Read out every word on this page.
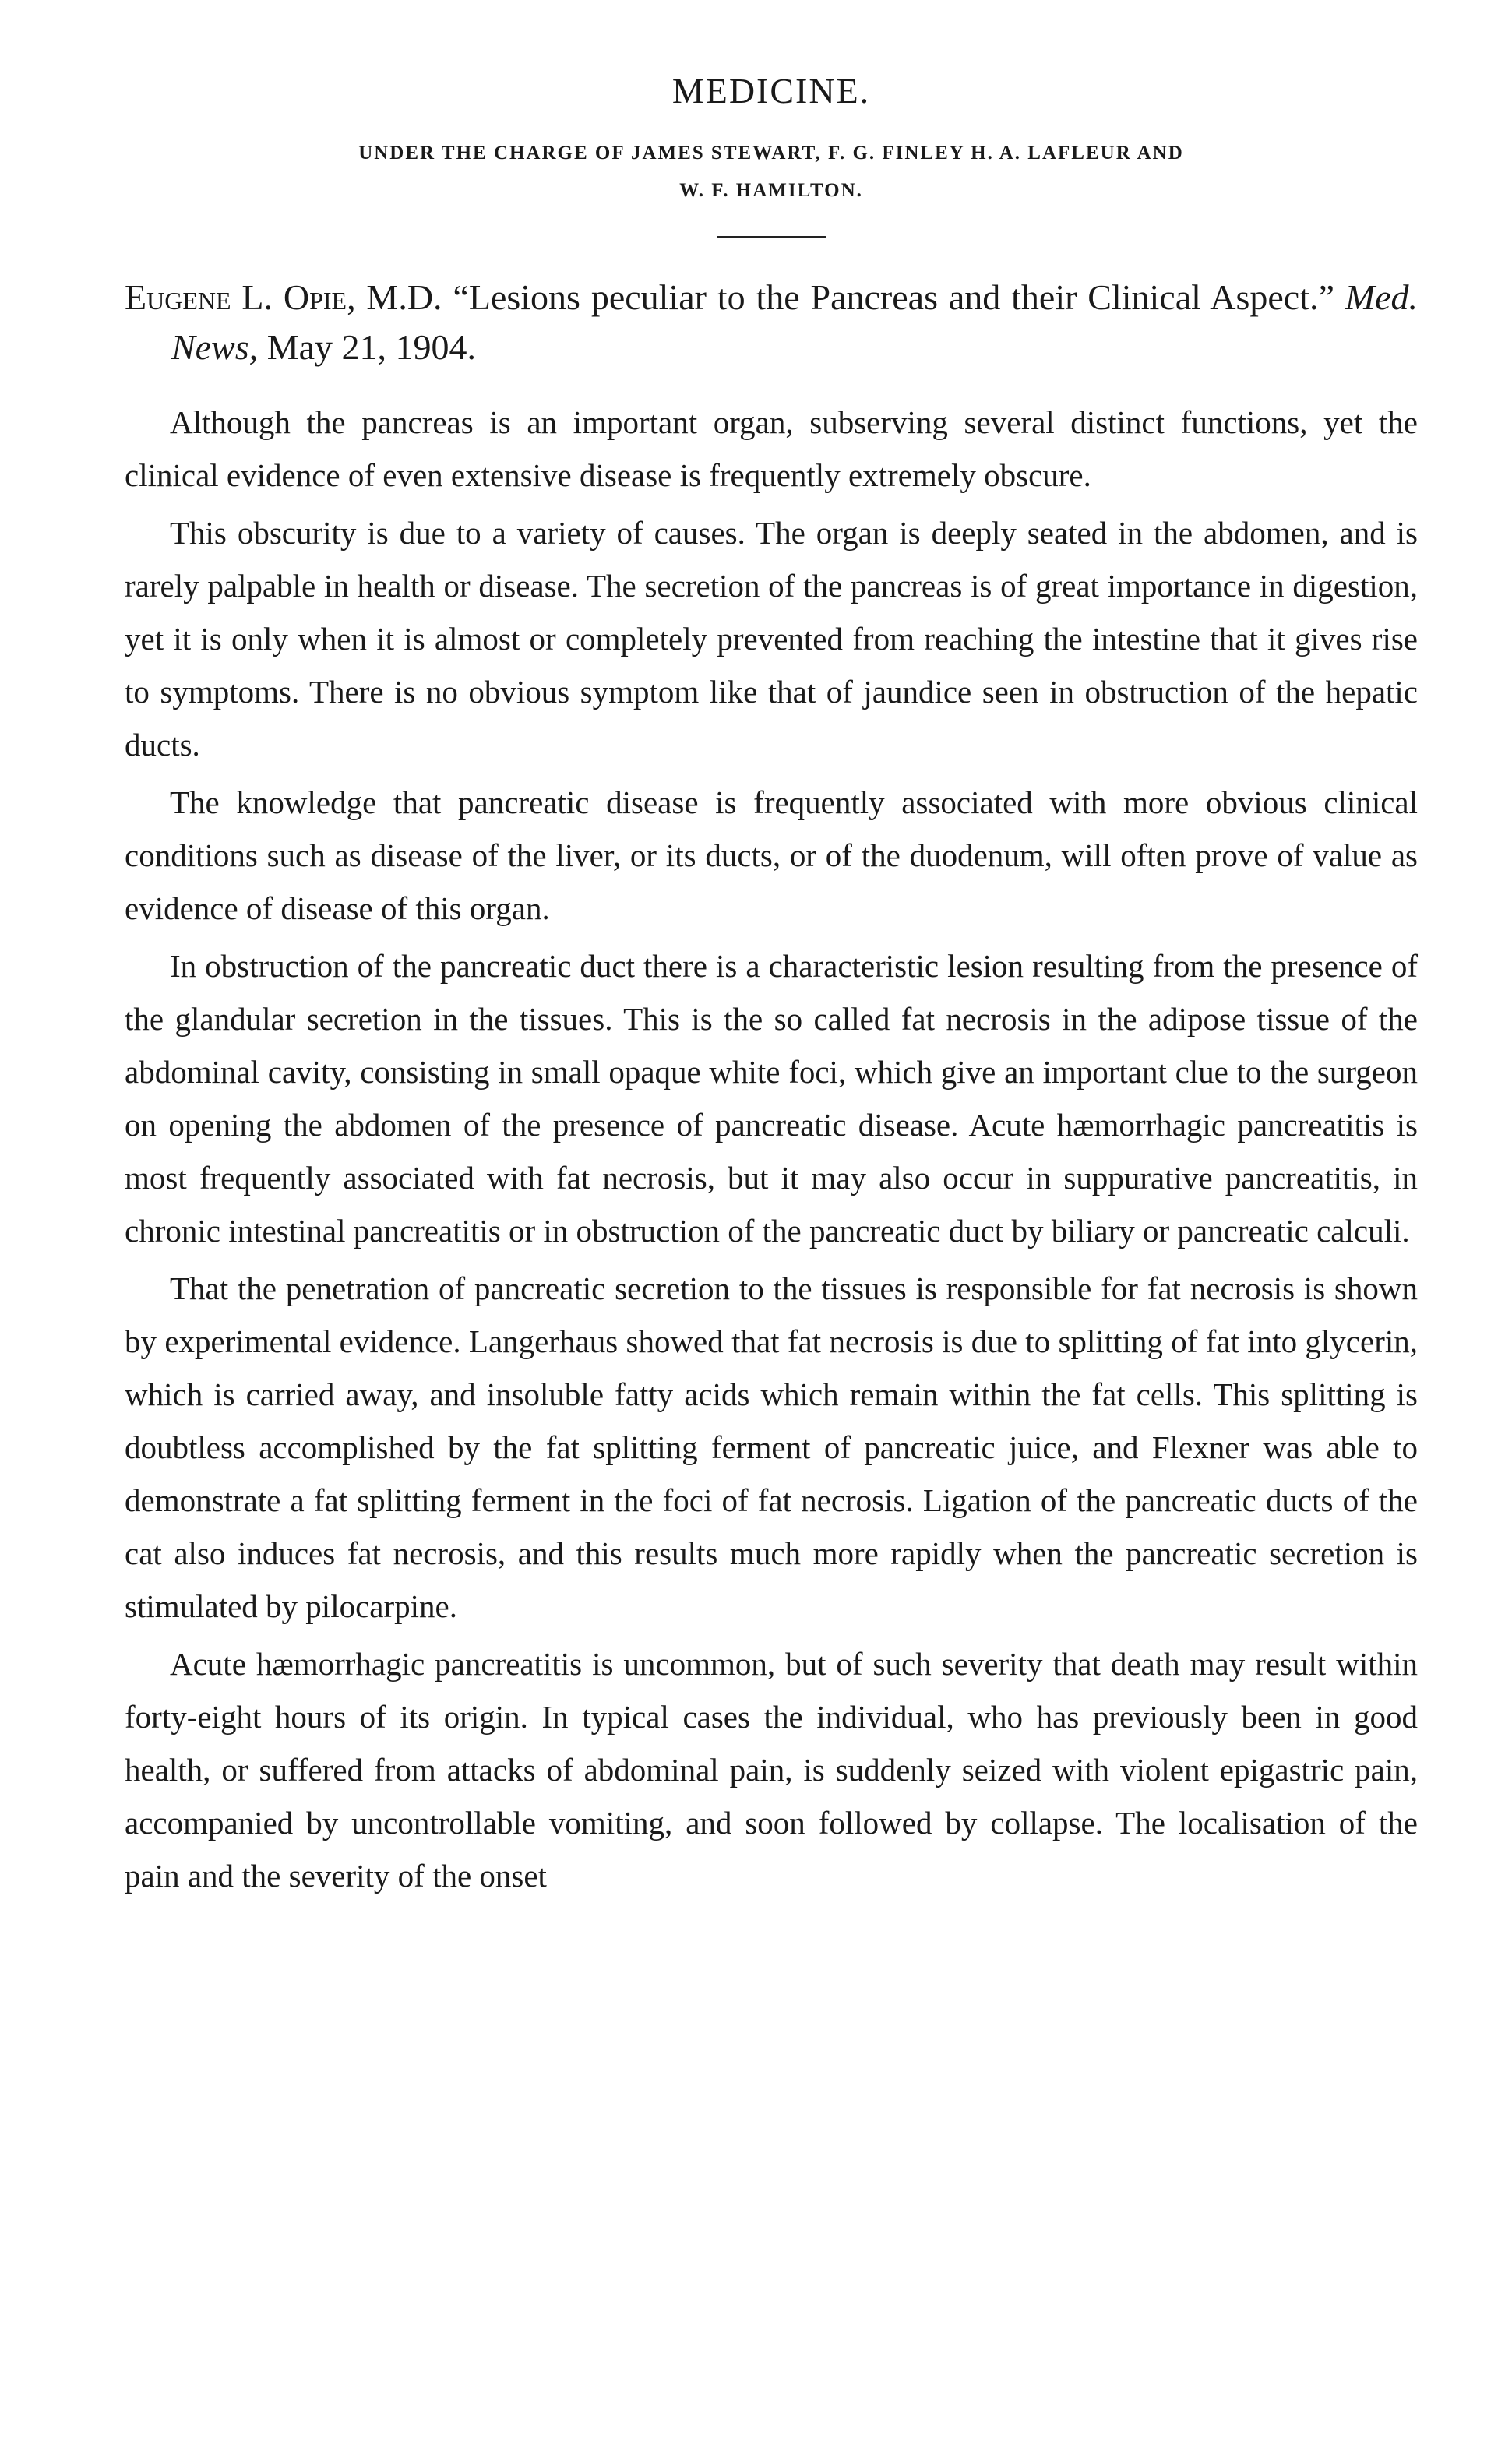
MEDICINE.

UNDER THE CHARGE OF JAMES STEWART, F. G. FINLEY H. A. LAFLEUR AND

W. F. HAMILTON.

Eugene L. Opie, M.D. “Lesions peculiar to the Pancreas and their Clinical Aspect.” Med. News, May 21, 1904.

Although the pancreas is an important organ, subserving several distinct functions, yet the clinical evidence of even extensive disease is frequently extremely obscure.

This obscurity is due to a variety of causes. The organ is deeply seated in the abdomen, and is rarely palpable in health or disease. The secretion of the pancreas is of great importance in digestion, yet it is only when it is almost or completely prevented from reaching the intestine that it gives rise to symptoms. There is no obvious symptom like that of jaundice seen in obstruction of the hepatic ducts.

The knowledge that pancreatic disease is frequently associated with more obvious clinical conditions such as disease of the liver, or its ducts, or of the duodenum, will often prove of value as evidence of disease of this organ.

In obstruction of the pancreatic duct there is a characteristic lesion resulting from the presence of the glandular secretion in the tissues. This is the so called fat necrosis in the adipose tissue of the abdominal cavity, consisting in small opaque white foci, which give an important clue to the surgeon on opening the abdomen of the presence of pancreatic disease. Acute hæmorrhagic pancreatitis is most frequently associated with fat necrosis, but it may also occur in suppurative pancreatitis, in chronic intestinal pancreatitis or in obstruction of the pancreatic duct by biliary or pancreatic calculi.

That the penetration of pancreatic secretion to the tissues is responsible for fat necrosis is shown by experimental evidence. Langerhaus showed that fat necrosis is due to splitting of fat into glycerin, which is carried away, and insoluble fatty acids which remain within the fat cells. This splitting is doubtless accomplished by the fat splitting ferment of pancreatic juice, and Flexner was able to demonstrate a fat splitting ferment in the foci of fat necrosis. Ligation of the pancreatic ducts of the cat also induces fat necrosis, and this results much more rapidly when the pancreatic secretion is stimulated by pilocarpine.

Acute hæmorrhagic pancreatitis is uncommon, but of such severity that death may result within forty-eight hours of its origin. In typical cases the individual, who has previously been in good health, or suffered from attacks of abdominal pain, is suddenly seized with violent epigastric pain, accompanied by uncontrollable vomiting, and soon followed by collapse. The localisation of the pain and the severity of the onset
